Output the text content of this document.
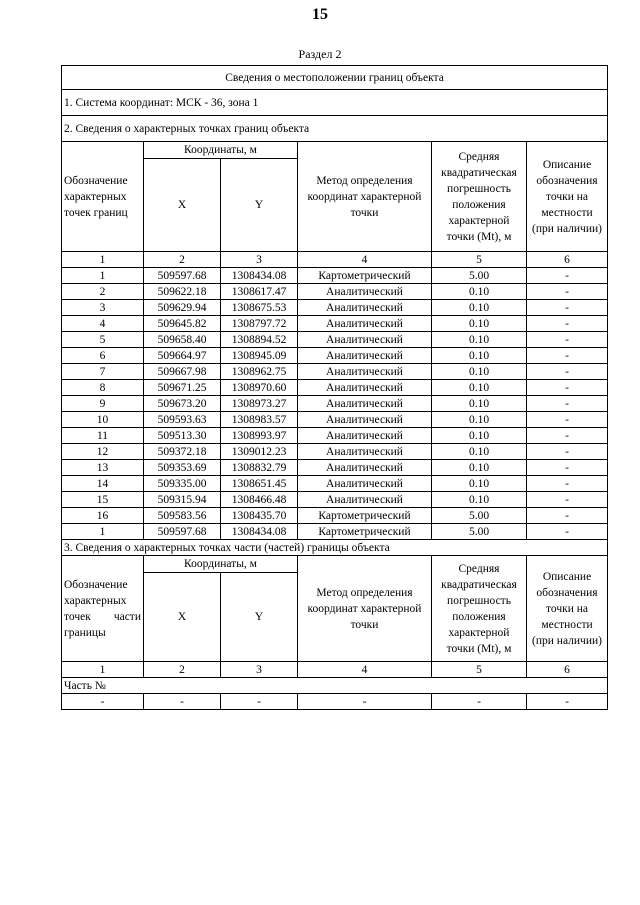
15
Раздел 2
Сведения о местоположении границ объекта					
1. Система координат: МСК - 36, зона 1					
2. Сведения о характерных точках границ объекта					
Обозначение характерных точек границ	Координаты, м		Метод определения координат характерной точки	Средняя квадратическая погрешность положения характерной точки (Mt), м	Описание обозначения точки на местности (при наличии)
	X	Y			
1	2	3	4	5	6
1	509597.68	1308434.08	Картометрический	5.00	-
2	509622.18	1308617.47	Аналитический	0.10	-
3	509629.94	1308675.53	Аналитический	0.10	-
4	509645.82	1308797.72	Аналитический	0.10	-
5	509658.40	1308894.52	Аналитический	0.10	-
6	509664.97	1308945.09	Аналитический	0.10	-
7	509667.98	1308962.75	Аналитический	0.10	-
8	509671.25	1308970.60	Аналитический	0.10	-
9	509673.20	1308973.27	Аналитический	0.10	-
10	509593.63	1308983.57	Аналитический	0.10	-
11	509513.30	1308993.97	Аналитический	0.10	-
12	509372.18	1309012.23	Аналитический	0.10	-
13	509353.69	1308832.79	Аналитический	0.10	-
14	509335.00	1308651.45	Аналитический	0.10	-
15	509315.94	1308466.48	Аналитический	0.10	-
16	509583.56	1308435.70	Картометрический	5.00	-
1	509597.68	1308434.08	Картометрический	5.00	-
3. Сведения о характерных точках части (частей) границы объекта					
Обозначение характерных точек части границы	Координаты, м		Метод определения координат характерной точки	Средняя квадратическая погрешность положения характерной точки (Mt), м	Описание обозначения точки на местности (при наличии)
	X	Y			
1	2	3	4	5	6
Часть №					
-	-	-	-	-	-
